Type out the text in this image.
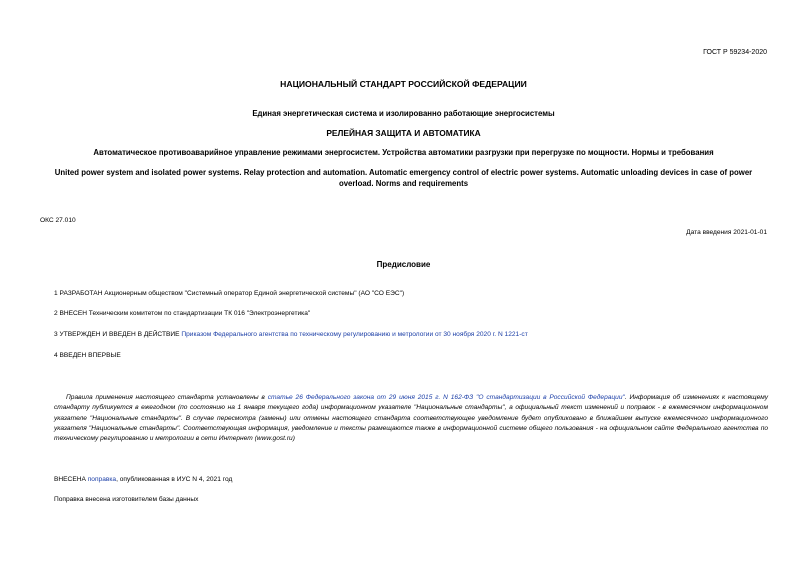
ГОСТ Р 59234-2020
НАЦИОНАЛЬНЫЙ СТАНДАРТ РОССИЙСКОЙ ФЕДЕРАЦИИ
Единая энергетическая система и изолированно работающие энергосистемы
РЕЛЕЙНАЯ ЗАЩИТА И АВТОМАТИКА
Автоматическое противоаварийное управление режимами энергосистем. Устройства автоматики разгрузки при перегрузке по мощности. Нормы и требования
United power system and isolated power systems. Relay protection and automation. Automatic emergency control of electric power systems. Automatic unloading devices in case of power overload. Norms and requirements
ОКС 27.010
Дата введения 2021-01-01
Предисловие
1 РАЗРАБОТАН Акционерным обществом "Системный оператор Единой энергетической системы" (АО "СО ЕЭС")
2 ВНЕСЕН Техническим комитетом по стандартизации ТК 016 "Электроэнергетика"
3 УТВЕРЖДЕН И ВВЕДЕН В ДЕЙСТВИЕ Приказом Федерального агентства по техническому регулированию и метрологии от 30 ноября 2020 г. N 1221-ст
4 ВВЕДЕН ВПЕРВЫЕ
Правила применения настоящего стандарта установлены в статье 26 Федерального закона от 29 июня 2015 г. N 162-ФЗ "О стандартизации в Российской Федерации". Информация об изменениях к настоящему стандарту публикуется в ежегодном (по состоянию на 1 января текущего года) информационном указателе "Национальные стандарты", а официальный текст изменений и поправок - в ежемесячном информационном указателе "Национальные стандарты". В случае пересмотра (замены) или отмены настоящего стандарта соответствующее уведомление будет опубликовано в ближайшем выпуске ежемесячного информационного указателя "Национальные стандарты". Соответствующая информация, уведомление и тексты размещаются также в информационной системе общего пользования - на официальном сайте Федерального агентства по техническому регулированию и метрологии в сети Интернет (www.gost.ru)
ВНЕСЕНА поправка, опубликованная в ИУС N 4, 2021 год
Поправка внесена изготовителем базы данных
